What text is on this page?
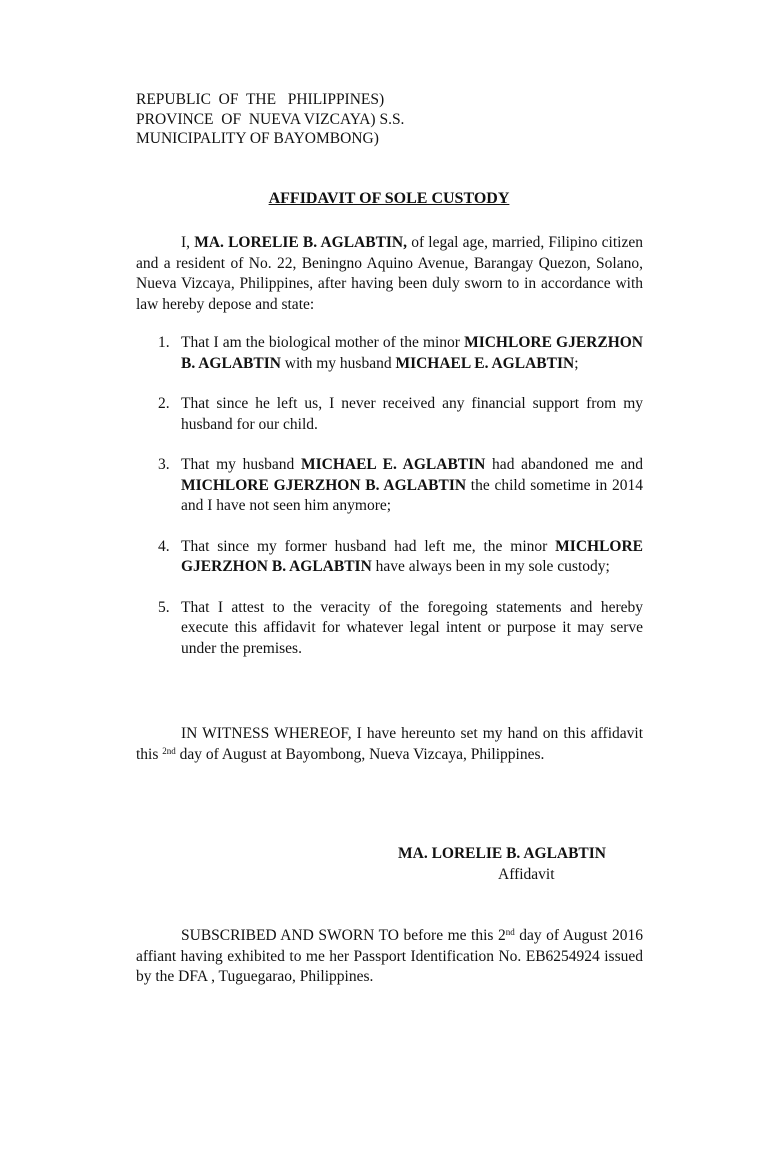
REPUBLIC  OF  THE   PHILIPPINES)
PROVINCE  OF  NUEVA VIZCAYA) S.S.
MUNICIPALITY OF BAYOMBONG)
AFFIDAVIT OF SOLE CUSTODY
I, MA. LORELIE B. AGLABTIN, of legal age, married, Filipino citizen and a resident of No. 22, Beningno Aquino Avenue, Barangay Quezon, Solano, Nueva Vizcaya, Philippines, after having been duly sworn to in accordance with law hereby depose and state:
1. That I am the biological mother of the minor MICHLORE GJERZHON B. AGLABTIN with my husband MICHAEL E. AGLABTIN;
2. That since he left us, I never received any financial support from my husband for our child.
3. That my husband MICHAEL E. AGLABTIN had abandoned me and MICHLORE GJERZHON B. AGLABTIN the child sometime in 2014 and I have not seen him anymore;
4. That since my former husband had left me, the minor MICHLORE GJERZHON B. AGLABTIN have always been in my sole custody;
5. That I attest to the veracity of the foregoing statements and hereby execute this affidavit for whatever legal intent or purpose it may serve under the premises.
IN WITNESS WHEREOF, I have hereunto set my hand on this affidavit this $^{2nd}$ day of August at Bayombong, Nueva Vizcaya, Philippines.
MA. LORELIE B. AGLABTIN
Affidavit
SUBSCRIBED AND SWORN TO before me this 2nd day of August 2016 affiant having exhibited to me her Passport Identification No. EB6254924 issued by the DFA , Tuguegarao, Philippines.
